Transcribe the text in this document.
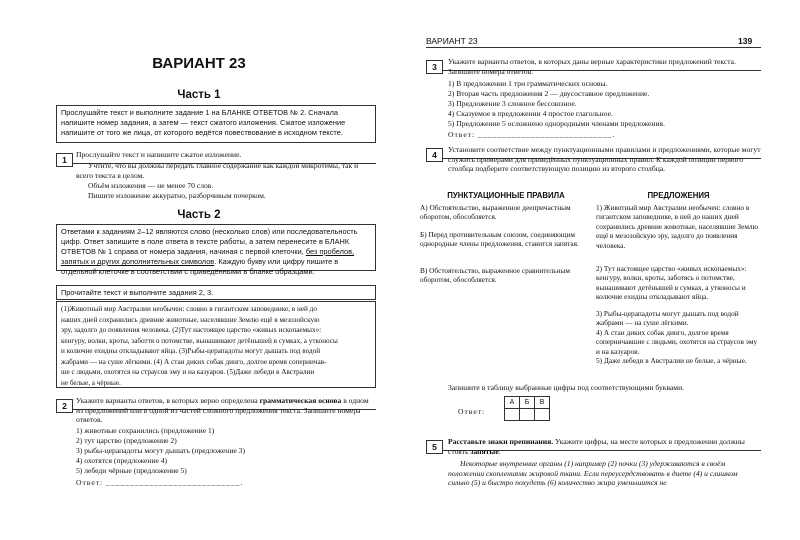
ВАРИАНТ 23
Часть 1
Прослушайте текст и выполните задание 1 на БЛАНКЕ ОТВЕТОВ № 2. Сначала напишите номер задания, а затем — текст сжатого изложения. Сжатое изложение напишите от того же лица, от которого ведётся повествование в исходном тексте.
1
Прослушайте текст и напишите сжатое изложение.
Учтите, что вы должны передать главное содержание как каждой микротемы, так и всего текста в целом.
Объём изложения — не менее 70 слов.
Пишите изложение аккуратно, разборчивым почерком.
Часть 2
Ответами к заданиям 2–12 являются слово (несколько слов) или последовательность цифр. Ответ запишите в поле ответа в тексте работы, а затем перенесите в БЛАНК ОТВЕТОВ № 1 справа от номера задания, начиная с первой клеточки, без пробелов, запятых и других дополнительных символов. Каждую букву или цифру пишите в отдельной клеточке в соответствии с приведёнными в бланке образцами.
Прочитайте текст и выполните задания 2, 3.
(1)Животный мир Австралии необычен: словно в гигантском заповеднике, в ней до
наших дней сохранились древние животные, населявшие Землю ещё в мезозойскую
эру, задолго до появления человека. (2)Тут настоящее царство «живых ископаемых»:
кенгуру, волки, кроты, забоття о потомстве, вынашивают детёнышей в сумках, а утконосы
и колючие ехидны откладывают яйца. (3)Рыбы-церападоты могут дышать под водой
жабрами — на суше лёгкими. (4) А стаи диких собак динго, долгое время соперничав-
ше с людьми, охотятся на страусов эму и на казуаров. (5)Даже лебеди в Австралии
не белые, а чёрные.
2
Укажите варианты ответов, в которых верно определена грамматическая основа в одном из предложений или в одной из частей сложного предложения текста. Запишите номера ответов.
1) животные сохранились (предложение 1)
2) тут царство (предложение 2)
3) рыбы-церападоты могут дышать (предложение 3)
4) охотятся (предложение 4)
5) лебеди чёрные (предложение 5)
Ответ: ____________________________.
ВАРИАНТ 23	139
3
Укажите варианты ответов, в которых даны верные характеристики предложений текста. Запишите номера ответов.
1) В предложении 1 три грамматических основы.
2) Вторая часть предложения 2 — двусоставное предложение.
3) Предложение 3 сложное бессоюзное.
4) Сказуемое в предложении 4 простое глагольное.
5) Предложение 5 осложнено однородными членами предложения.
Ответ: ____________________________.
4
Установите соответствие между пунктуационными правилами и предложениями, которые могут служить примерами для приведённых пунктуационных правил. К каждой позиции первого столбца подберите соответствующую позицию из второго столбца.
ПУНКТУАЦИОННЫЕ ПРАВИЛА	ПРЕДЛОЖЕНИЯ
А) Обстоятельство, выраженное деепричастным оборотом, обособляется.
Б) Перед противительным союзом, соединяющим однородные члены предложения, ставится запятая.
В) Обстоятельство, выраженное сравнительным оборотом, обособляется.
1) Животный мир Австралии необычен: словно в гигантском заповеднике, в ней до наших дней сохранились древние животные, населявшие Землю ещё в мезозойскую эру, задолго до появления человека.
2) Тут настоящее царство «живых ископаемых»: кенгуру, волки, кроты, заботясь о потомстве, вынашивают детёнышей в сумках, а утконосы и колючие ехидны откладывают яйца.
3) Рыбы-церападоты могут дышать под водой жабрами — на суше лёгкими.
4) А стаи диких собак динго, долгое время соперничавшие с людьми, охотятся на страусов эму и на казуаров.
5) Даже лебеди в Австралии не белые, а чёрные.
Запишите в таблицу выбранные цифры под соответствующими буквами.
Ответ:
А	Б	В

5
Расставьте знаки препинания. Укажите цифры, на месте которых в предложении должны стоять запятые.
Некоторые внутренние органы (1) например (2) почки (3) удерживаются в своём положении скоплениями жировой ткани. Если переусердствовать в диете (4) и слишком сильно (5) и быстро похудеть (6) количество жира уменьшится не
